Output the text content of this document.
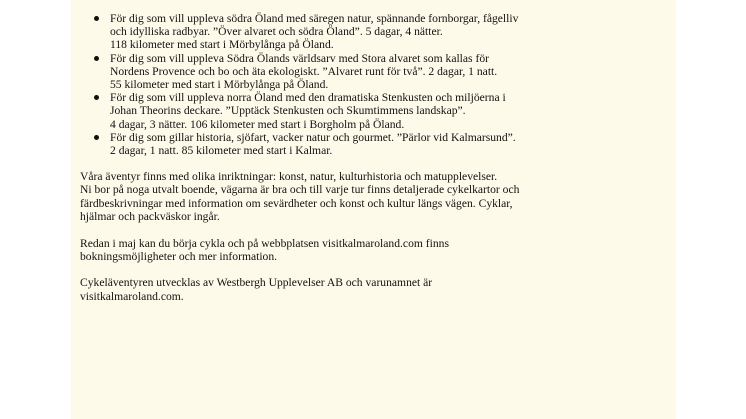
För dig som vill uppleva södra Öland med säregen natur, spännande fornborgar, fågelliv
och idylliska radbyar. ”Över alvaret och södra Öland”. 5 dagar, 4 nätter.
118 kilometer med start i Mörbylånga på Öland.
För dig som vill uppleva Södra Ölands världsarv med Stora alvaret som kallas för
Nordens Provence och bo och äta ekologiskt. ”Alvaret runt för två”. 2 dagar, 1 natt.
55 kilometer med start i Mörbylånga på Öland.
För dig som vill uppleva norra Öland med den dramatiska Stenkusten och miljöerna i
Johan Theorins deckare. ”Upptäck Stenkusten och Skumtimmens landskap”.
4 dagar, 3 nätter. 106 kilometer med start i Borgholm på Öland.
För dig som gillar historia, sjöfart, vacker natur och gourmet. ”Pärlor vid Kalmarsund”.
2 dagar, 1 natt. 85 kilometer med start i Kalmar.

Våra äventyr finns med olika inriktningar: konst, natur, kulturhistoria och matupplevelser.
Ni bor på noga utvalt boende, vägarna är bra och till varje tur finns detaljerade cykelkartor och
färdbeskrivningar med information om sevärdheter och konst och kultur längs vägen. Cyklar,
hjälmar och packväskor ingår.

Redan i maj kan du börja cykla och på webbplatsen visitkalmaroland.com finns
bokningsmöjligheter och mer information.

Cykeläventyren utvecklas av Westbergh Upplevelser AB och varunamnet är
visitkalmaroland.com.
